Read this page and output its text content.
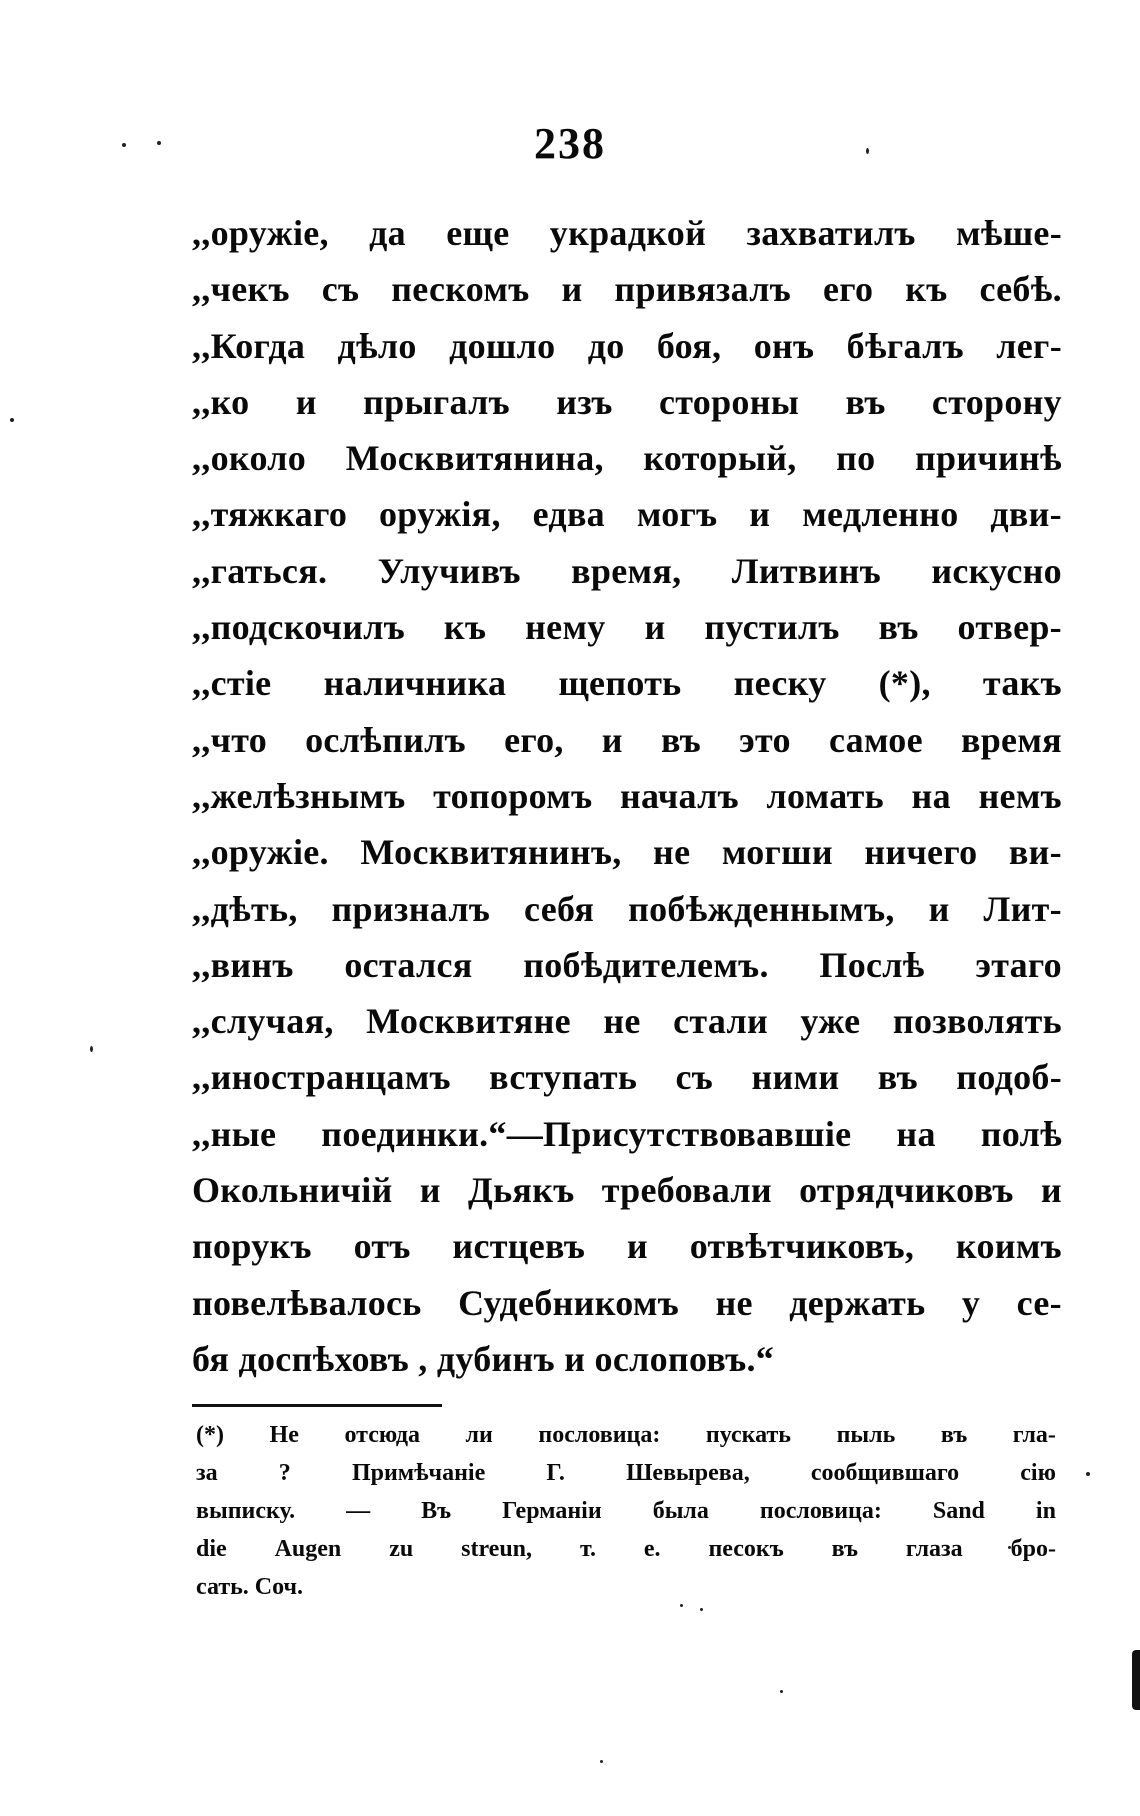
238
,,оружіе, да еще украдкой захватилъ мѣше-
,,чекъ съ пескомъ и привязалъ его къ себѣ.
,,Когда дѣло дошло до боя, онъ бѣгалъ лег-
,,ко и прыгалъ изъ стороны въ сторону
,,около Москвитянина, который, по причинѣ
,,тяжкаго оружія, едва могъ и медленно дви-
,,гаться. Улучивъ время, Литвинъ искусно
,,подскочилъ къ нему и пустилъ въ отвер-
,,стіе наличника щепоть песку (*), такъ
,,что ослѣпилъ его, и въ это самое время
,,желѣзнымъ топоромъ началъ ломать на немъ
,,оружіе. Москвитянинъ, не могши ничего ви-
,,дѣть, призналъ себя побѣжденнымъ, и Лит-
,,винъ остался побѣдителемъ. Послѣ этаго
,,случая, Москвитяне не стали уже позволять
,,иностранцамъ вступать съ ними въ подоб-
,,ные поединки.“—Присутствовавшіе на полѣ
Окольничій и Дьякъ требовали отрядчиковъ и
порукъ отъ истцевъ и отвѣтчиковъ, коимъ
повелѣвалось Судебникомъ не держать у се-
бя доспѣховъ , дубинъ и ослоповъ.“
(*) Не отсюда ли пословица: пускать пыль въ гла-
за	?	Примѣчаніе	Г.	Шевырева,	сообщившаго	сію
выписку. — Въ Германіи была пословица: Sand in
die Augen zu streun, т. е. песокъ въ глаза бро-
сать. Соч.
